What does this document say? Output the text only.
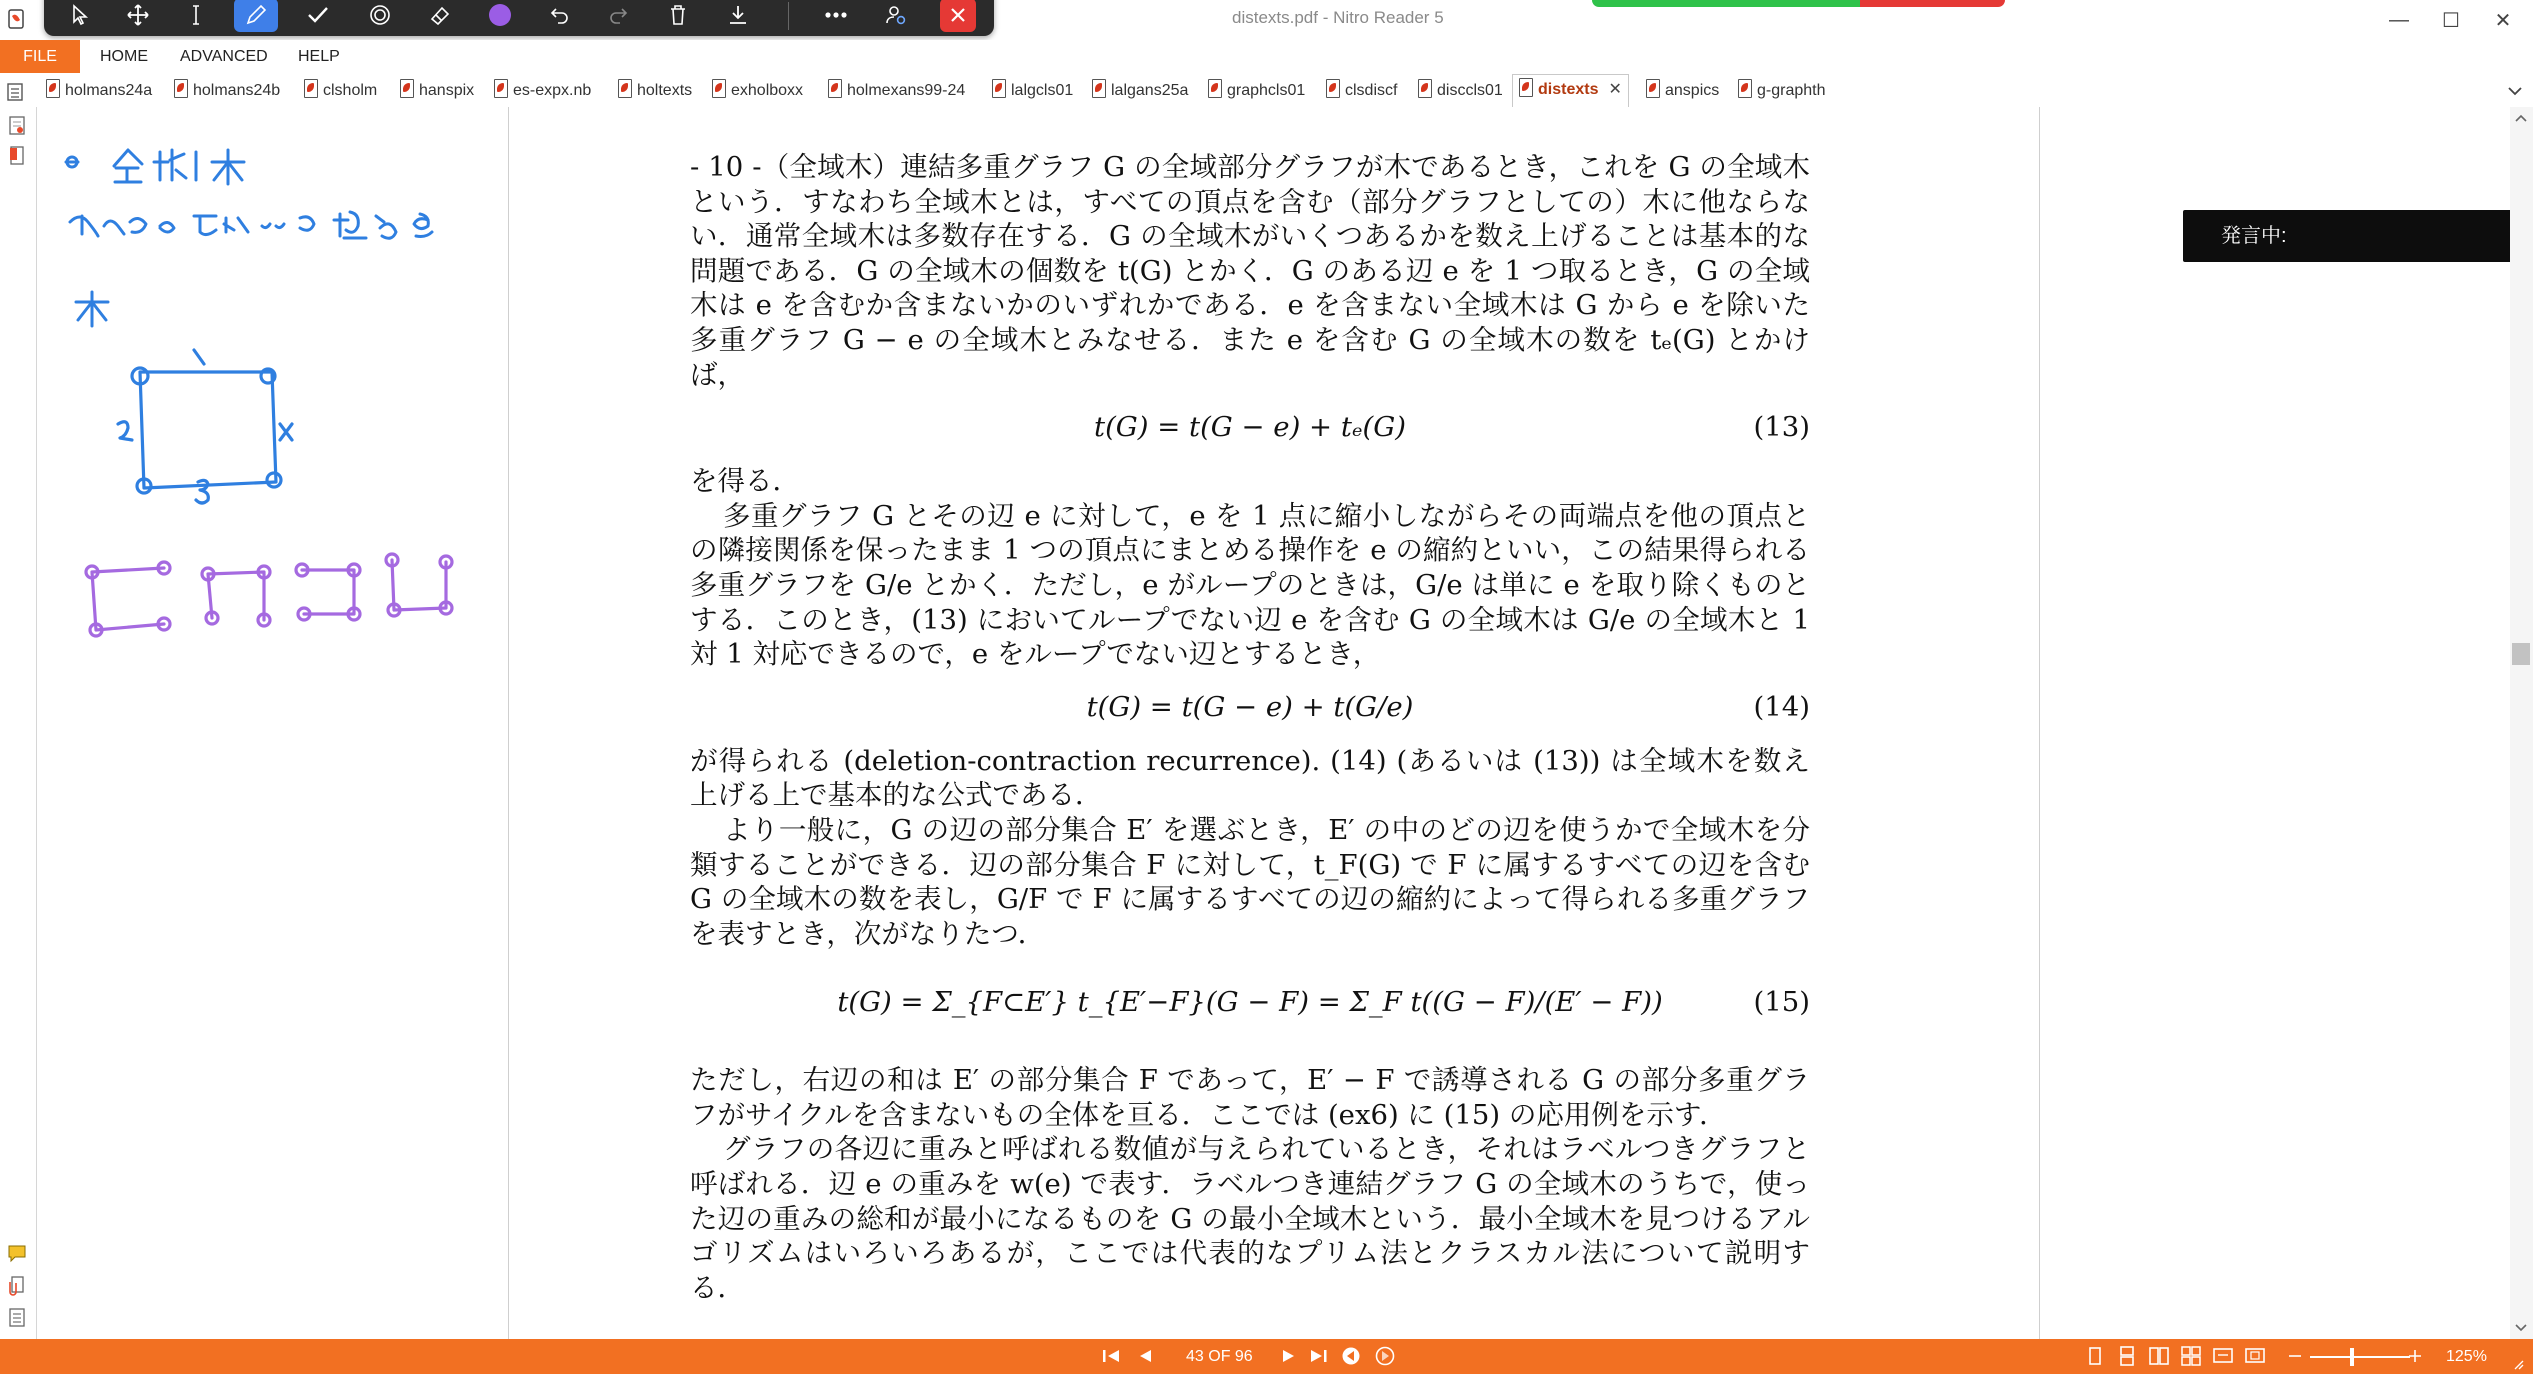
distexts.pdf - Nitro Reader 5	—	☐	✕
FILE	HOME ADVANCED HELP
holmans24a	holmans24b	clsholm	hanspix	es-expx.nb	holtexts	exholboxx	holmexans99-24	lalgcls01	lalgans25a	graphcls01	clsdiscf	disccls01	distexts ✕	anspics	g-graphth

- 10 -（全域木）連結多重グラフ G の全域部分グラフが木であるとき，これを G の全域木という．すなわち全域木とは，すべての頂点を含む（部分グラフとしての）木に他ならない．通常全域木は多数存在する．G の全域木がいくつあるかを数え上げることは基本的な問題である．G の全域木の個数を t(G) とかく．G のある辺 e を 1 つ取るとき，G の全域木は e を含むか含まないかのいずれかである．e を含まない全域木は G から e を除いた多重グラフ G − e の全域木とみなせる．また e を含む G の全域木の数を tₑ(G) とかけば，

t(G) = t(G − e) + tₑ(G)	(13)

を得る．

多重グラフ G とその辺 e に対して，e を 1 点に縮小しながらその両端点を他の頂点との隣接関係を保ったまま 1 つの頂点にまとめる操作を e の縮約といい，この結果得られる多重グラフを G/e とかく．ただし，e がループのときは，G/e は単に e を取り除くものとする．このとき，(13) においてループでない辺 e を含む G の全域木は G/e の全域木と 1 対 1 対応できるので，e をループでない辺とするとき，

t(G) = t(G − e) + t(G/e)	(14)

が得られる (deletion-contraction recurrence). (14) (あるいは (13)) は全域木を数え上げる上で基本的な公式である．

より一般に，G の辺の部分集合 E′ を選ぶとき，E′ の中のどの辺を使うかで全域木を分類することができる．辺の部分集合 F に対して，t_F(G) で F に属するすべての辺を含む G の全域木の数を表し，G/F で F に属するすべての辺の縮約によって得られる多重グラフを表すとき，次がなりたつ．

t(G) = Σ_{F⊂E′} t_{E′−F}(G − F) = Σ_F t((G − F)/(E′ − F))	(15)

ただし，右辺の和は E′ の部分集合 F であって，E′ − F で誘導される G の部分多重グラフがサイクルを含まないもの全体を亘る．ここでは (ex6) に (15) の応用例を示す．

グラフの各辺に重みと呼ばれる数値が与えられているとき，それはラベルつきグラフと呼ばれる．辺 e の重みを w(e) で表す．ラベルつき連結グラフ G の全域木のうちで，使った辺の重みの総和が最小になるものを G の最小全域木という．最小全域木を見つけるアルゴリズムはいろいろあるが，ここでは代表的なプリム法とクラスカル法について説明する．

発言中:
43 OF 96	125%
